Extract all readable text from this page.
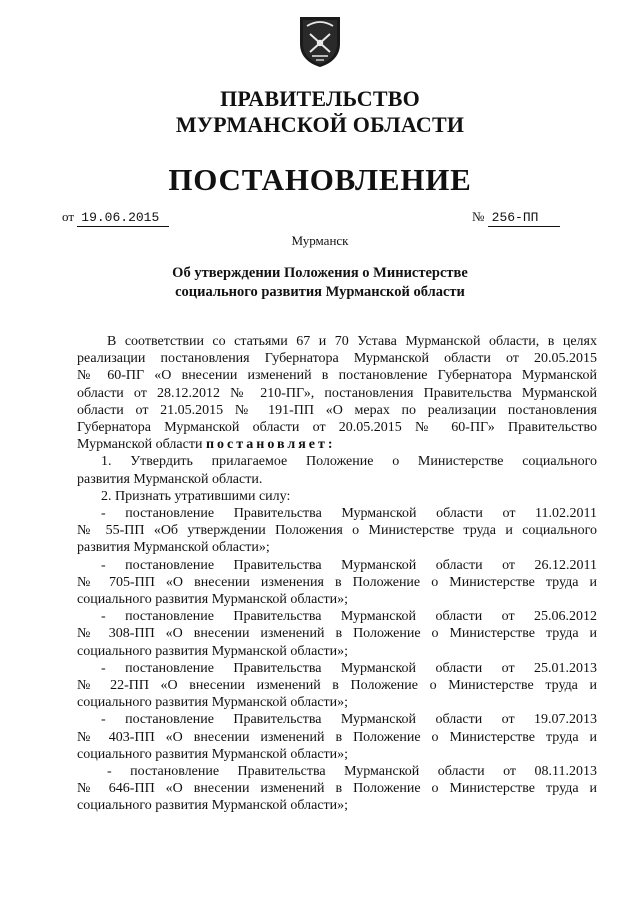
ПРАВИТЕЛЬСТВО
МУРМАНСКОЙ ОБЛАСТИ
ПОСТАНОВЛЕНИЕ
от 19.06.2015	№ 256-ПП
Мурманск
Об утверждении Положения о Министерстве
социального развития Мурманской области

В соответствии со статьями 67 и 70 Устава Мурманской области, в целях

реализации постановления Губернатора Мурманской области от 20.05.2015

№ 60-ПГ «О внесении изменений в постановление Губернатора Мурманской

области от 28.12.2012 № 210-ПГ», постановления Правительства Мурманской

области от 21.05.2015 № 191-ПП «О мерах по реализации постановления

Губернатора Мурманской области от 20.05.2015 № 60-ПГ» Правительство

Мурманской области постановляет:

1. Утвердить прилагаемое Положение о Министерстве социального

развития Мурманской области.

2. Признать утратившими силу:

- постановление Правительства Мурманской области от 11.02.2011

№ 55-ПП «Об утверждении Положения о Министерстве труда и социального

развития Мурманской области»;

- постановление Правительства Мурманской области от 26.12.2011

№ 705-ПП «О внесении изменения в Положение о Министерстве труда и

социального развития Мурманской области»;

- постановление Правительства Мурманской области от 25.06.2012

№ 308-ПП «О внесении изменений в Положение о Министерстве труда и

социального развития Мурманской области»;

- постановление Правительства Мурманской области от 25.01.2013

№ 22-ПП «О внесении изменений в Положение о Министерстве труда и

социального развития Мурманской области»;

- постановление Правительства Мурманской области от 19.07.2013

№ 403-ПП «О внесении изменений в Положение о Министерстве труда и

социального развития Мурманской области»;

- постановление Правительства Мурманской области от 08.11.2013

№ 646-ПП «О внесении изменений в Положение о Министерстве труда и

социального развития Мурманской области»;
